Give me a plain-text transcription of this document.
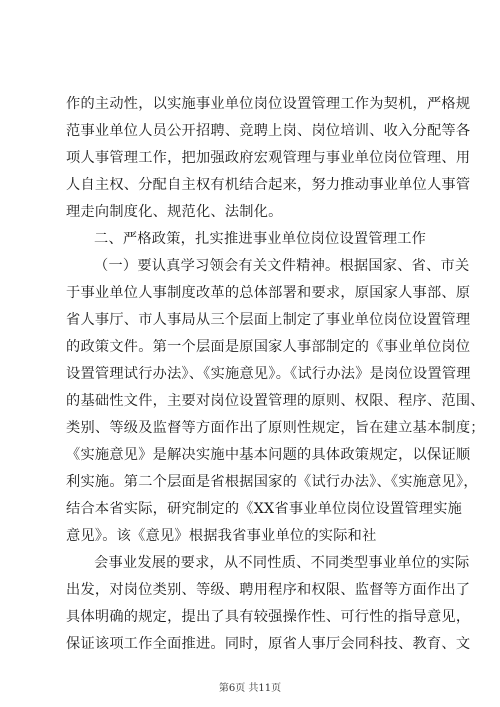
作的主动性，以实施事业单位岗位设置管理工作为契机，严格规
范事业单位人员公开招聘、竞聘上岗、岗位培训、收入分配等各
项人事管理工作，把加强政府宏观管理与事业单位岗位管理、用
人自主权、分配自主权有机结合起来，努力推动事业单位人事管
理走向制度化、规范化、法制化。
二、严格政策，扎实推进事业单位岗位设置管理工作
（一）要认真学习领会有关文件精神。根据国家、省、市关
于事业单位人事制度改革的总体部署和要求，原国家人事部、原
省人事厅、市人事局从三个层面上制定了事业单位岗位设置管理
的政策文件。第一个层面是原国家人事部制定的《事业单位岗位
设置管理试行办法》、《实施意见》。《试行办法》是岗位设置管理
的基础性文件，主要对岗位设置管理的原则、权限、程序、范围、
类别、等级及监督等方面作出了原则性规定，旨在建立基本制度；
《实施意见》是解决实施中基本问题的具体政策规定，以保证顺
利实施。第二个层面是省根据国家的《试行办法》、《实施意见》，
结合本省实际，研究制定的《XX省事业单位岗位设置管理实施
意见》。该《意见》根据我省事业单位的实际和社
会事业发展的要求，从不同性质、不同类型事业单位的实际
出发，对岗位类别、等级、聘用程序和权限、监督等方面作出了
具体明确的规定，提出了具有较强操作性、可行性的指导意见，
保证该项工作全面推进。同时，原省人事厅会同科技、教育、文
第6页 共11页
